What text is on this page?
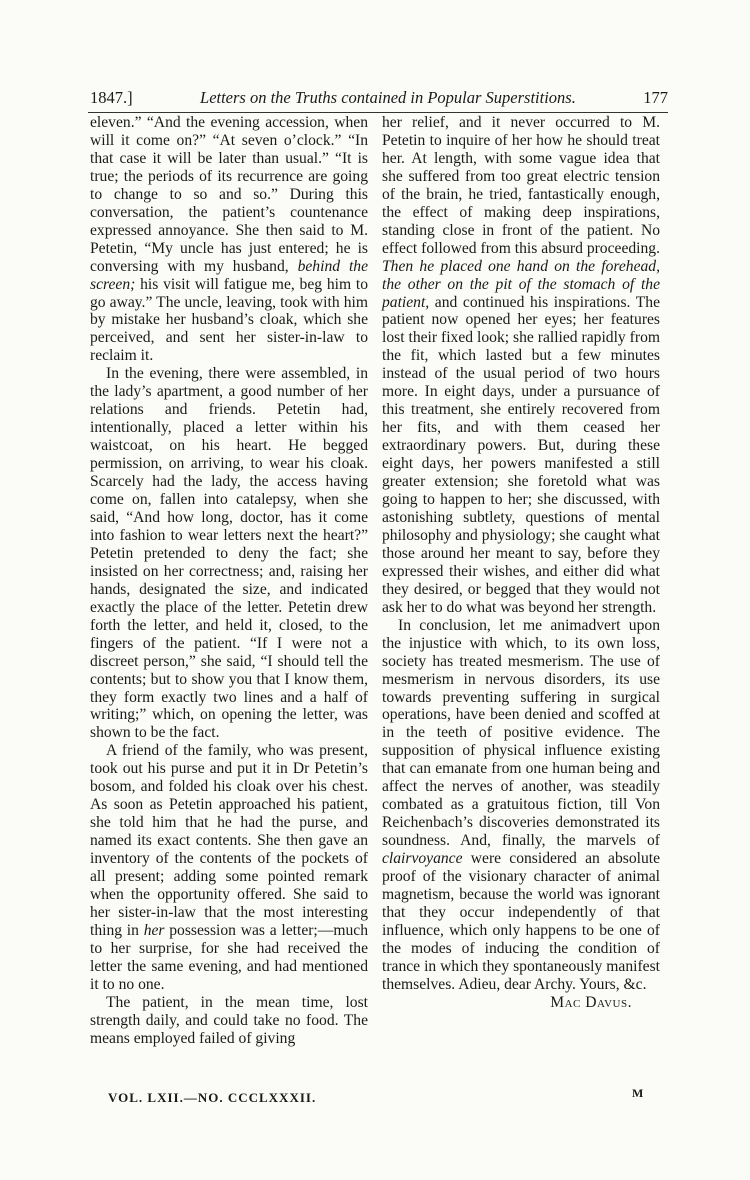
1847.]	Letters on the Truths contained in Popular Superstitions.	177

eleven.” “And the evening accession, when will it come on?” “At seven o’clock.” “In that case it will be later than usual.” “It is true; the periods of its recurrence are going to change to so and so.” During this conversation, the patient’s countenance expressed annoyance. She then said to M. Petetin, “My uncle has just entered; he is conversing with my husband, behind the screen; his visit will fatigue me, beg him to go away.” The uncle, leaving, took with him by mistake her husband’s cloak, which she perceived, and sent her sister-in-law to reclaim it.

In the evening, there were assembled, in the lady’s apartment, a good number of her relations and friends. Petetin had, intentionally, placed a letter within his waistcoat, on his heart. He begged permission, on arriving, to wear his cloak. Scarcely had the lady, the access having come on, fallen into catalepsy, when she said, “And how long, doctor, has it come into fashion to wear letters next the heart?” Petetin pretended to deny the fact; she insisted on her correctness; and, raising her hands, designated the size, and indicated exactly the place of the letter. Petetin drew forth the letter, and held it, closed, to the fingers of the patient. “If I were not a discreet person,” she said, “I should tell the contents; but to show you that I know them, they form exactly two lines and a half of writing;” which, on opening the letter, was shown to be the fact.

A friend of the family, who was present, took out his purse and put it in Dr Petetin’s bosom, and folded his cloak over his chest. As soon as Petetin approached his patient, she told him that he had the purse, and named its exact contents. She then gave an inventory of the contents of the pockets of all present; adding some pointed remark when the opportunity offered. She said to her sister-in-law that the most interesting thing in her possession was a letter;—much to her surprise, for she had received the letter the same evening, and had mentioned it to no one.

The patient, in the mean time, lost strength daily, and could take no food. The means employed failed of giving

her relief, and it never occurred to M. Petetin to inquire of her how he should treat her. At length, with some vague idea that she suffered from too great electric tension of the brain, he tried, fantastically enough, the effect of making deep inspirations, standing close in front of the patient. No effect followed from this absurd proceeding. Then he placed one hand on the forehead, the other on the pit of the stomach of the patient, and continued his inspirations. The patient now opened her eyes; her features lost their fixed look; she rallied rapidly from the fit, which lasted but a few minutes instead of the usual period of two hours more. In eight days, under a pursuance of this treatment, she entirely recovered from her fits, and with them ceased her extraordinary powers. But, during these eight days, her powers manifested a still greater extension; she foretold what was going to happen to her; she discussed, with astonishing subtlety, questions of mental philosophy and physiology; she caught what those around her meant to say, before they expressed their wishes, and either did what they desired, or begged that they would not ask her to do what was beyond her strength.

In conclusion, let me animadvert upon the injustice with which, to its own loss, society has treated mesmerism. The use of mesmerism in nervous disorders, its use towards preventing suffering in surgical operations, have been denied and scoffed at in the teeth of positive evidence. The supposition of physical influence existing that can emanate from one human being and affect the nerves of another, was steadily combated as a gratuitous fiction, till Von Reichenbach’s discoveries demonstrated its soundness. And, finally, the marvels of clairvoyance were considered an absolute proof of the visionary character of animal magnetism, because the world was ignorant that they occur independently of that influence, which only happens to be one of the modes of inducing the condition of trance in which they spontaneously manifest themselves. Adieu, dear Archy. Yours, &c.

Mac Davus.

VOL. LXII.—NO. CCCLXXXII.	M
